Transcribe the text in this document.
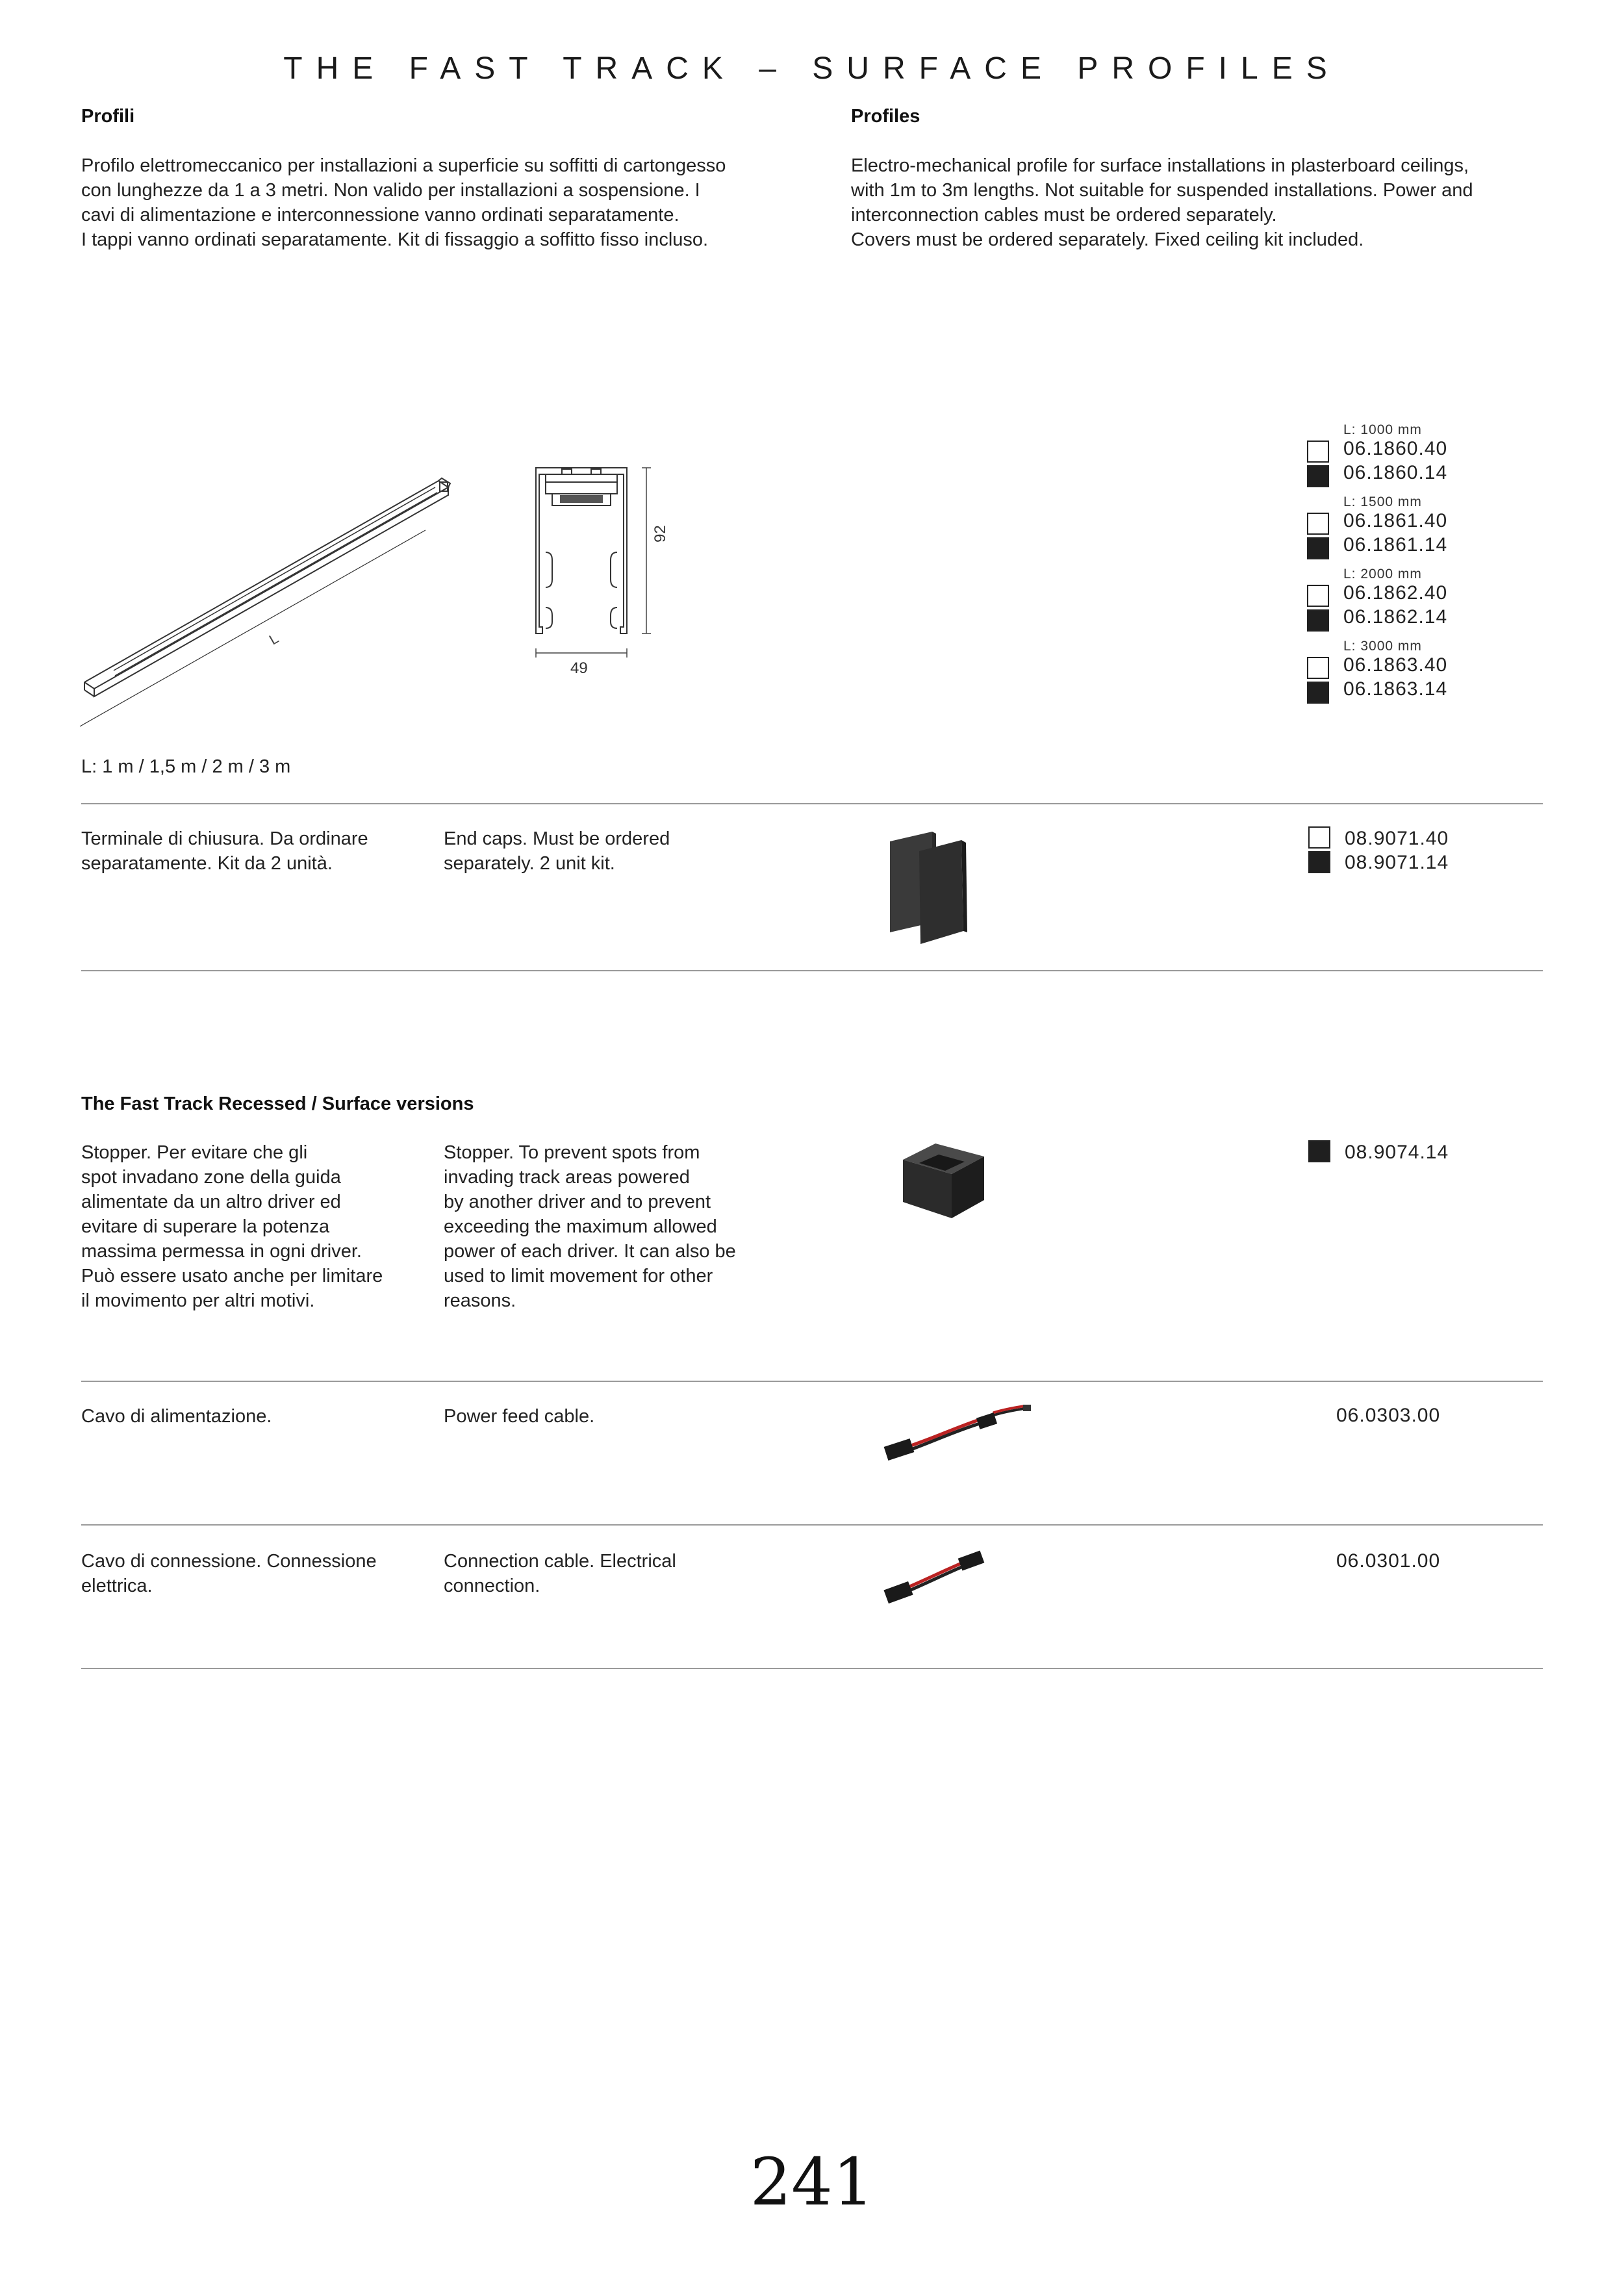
THE FAST TRACK – SURFACE PROFILES
Profili
Profilo elettromeccanico per installazioni a superficie su soffitti di cartongesso
con lunghezze da 1 a 3 metri. Non valido per installazioni a sospensione. I
cavi di alimentazione e interconnessione vanno ordinati separatamente.
I tappi vanno ordinati separatamente. Kit di fissaggio a soffitto fisso incluso.
Profiles
Electro-mechanical profile for surface installations in plasterboard ceilings,
with 1m to 3m lengths. Not suitable for suspended installations. Power and
interconnection cables must be ordered separately.
Covers must be ordered separately. Fixed ceiling kit included.
L
92
49
L: 1 m / 1,5 m / 2 m / 3 m
L: 1000 mm
06.1860.40
06.1860.14
L: 1500 mm
06.1861.40
06.1861.14
L: 2000 mm
06.1862.40
06.1862.14
L: 3000 mm
06.1863.40
06.1863.14
Terminale di chiusura. Da ordinare
separatamente. Kit da 2 unità.
End caps. Must be ordered
separately. 2 unit kit.
08.9071.40
08.9071.14
The Fast Track Recessed / Surface versions
Stopper. Per evitare che gli
spot invadano zone della guida
alimentate da un altro driver ed
evitare di superare la potenza
massima permessa in ogni driver.
Può essere usato anche per limitare
il movimento per altri motivi.
Stopper. To prevent spots from
invading track areas powered
by another driver and to prevent
exceeding the maximum allowed
power of each driver. It can also be
used to limit movement for other
reasons.
08.9074.14
Cavo di alimentazione.	Power feed cable.	06.0303.00
Cavo di connessione. Connessione
elettrica.
Connection cable. Electrical
connection.
06.0301.00
241
